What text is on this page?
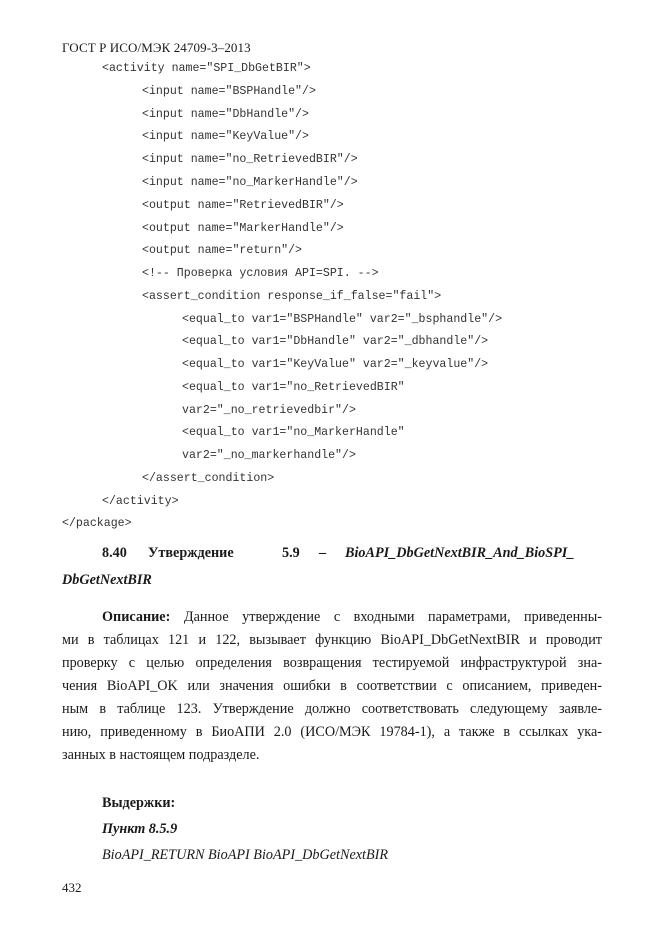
ГОСТ Р ИСО/МЭК 24709-3–2013
<activity name="SPI_DbGetBIR">
<input name="BSPHandle"/>
<input name="DbHandle"/>
<input name="KeyValue"/>
<input name="no_RetrievedBIR"/>
<input name="no_MarkerHandle"/>
<output name="RetrievedBIR"/>
<output name="MarkerHandle"/>
<output name="return"/>
<!-- Проверка условия API=SPI. -->
<assert_condition response_if_false="fail">
<equal_to var1="BSPHandle" var2="_bsphandle"/>
<equal_to var1="DbHandle" var2="_dbhandle"/>
<equal_to var1="KeyValue" var2="_keyvalue"/>
<equal_to var1="no_RetrievedBIR"
var2="_no_retrievedbir"/>
<equal_to var1="no_MarkerHandle"
var2="_no_markerhandle"/>
</assert_condition>
</activity>
</package>
8.40 Утверждение	5.9 – BioAPI_DbGetNextBIR_And_BioSPI_
DbGetNextBIR
Описание: Данное утверждение с входными параметрами, приведенны-
ми в таблицах 121 и 122, вызывает функцию BioAPI_DbGetNextBIR и проводит
проверку с целью определения возвращения тестируемой инфраструктурой зна-
чения BioAPI_OK или значения ошибки в соответствии с описанием, приведен-
ным в таблице 123. Утверждение должно соответствовать следующему заявле-
нию, приведенному в БиоАПИ 2.0 (ИСО/МЭК 19784-1), а также в ссылках ука-
занных в настоящем подразделе.
Выдержки:
Пункт 8.5.9
BioAPI_RETURN BioAPI BioAPI_DbGetNextBIR
432
